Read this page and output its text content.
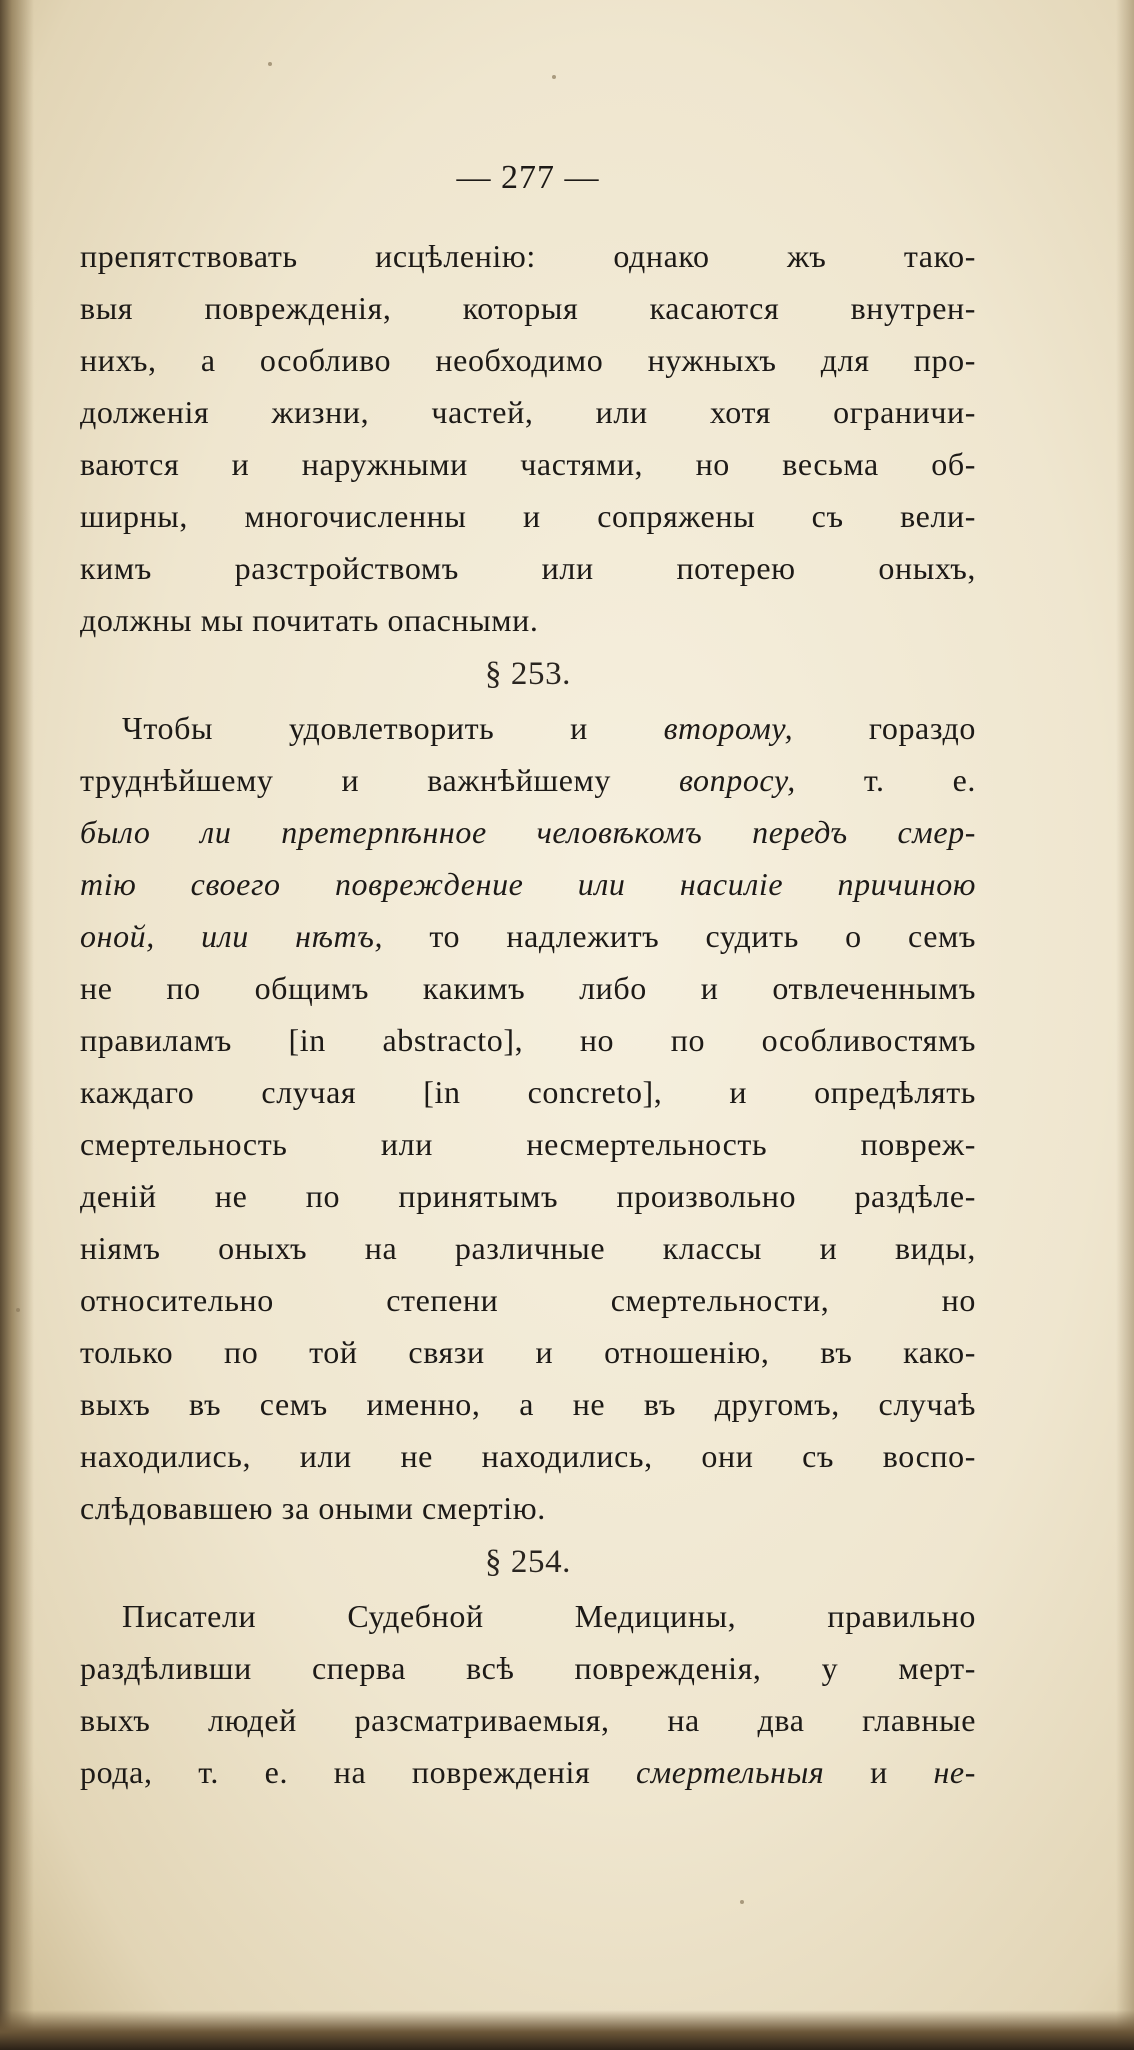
— 277 —
препятствовать исцѣленію: однако жъ тако-
выя поврежденія, которыя касаются внутрен-
нихъ, а особливо необходимо нужныхъ для про-
долженія жизни, частей, или хотя ограничи-
ваются и наружными частями, но весьма об-
ширны, многочисленны и сопряжены съ вели-
кимъ разстройствомъ или потерею оныхъ,
должны мы почитать опасными.
§ 253.
Чтобы удовлетворить и второму, гораздо
труднѣйшему и важнѣйшему вопросу, т. е.
было ли претерпѣнное человѣкомъ передъ смер-
тію своего повреждение или насиліе причиною
оной, или нѣтъ, то надлежитъ судить о семъ
не по общимъ какимъ либо и отвлеченнымъ
правиламъ [in abstracto], но по особливостямъ
каждаго случая [in concreto], и опредѣлять
смертельность или несмертельность повреж-
деній не по принятымъ произвольно раздѣле-
ніямъ оныхъ на различные классы и виды,
относительно степени смертельности, но
только по той связи и отношенію, въ како-
выхъ въ семъ именно, а не въ другомъ, случаѣ
находились, или не находились, они съ воспо-
слѣдовавшею за оными смертію.
§ 254.
Писатели Судебной Медицины, правильно
раздѣливши сперва всѣ поврежденія, у мерт-
выхъ людей разсматриваемыя, на два главные
рода, т. е. на поврежденія смертельныя и не-
